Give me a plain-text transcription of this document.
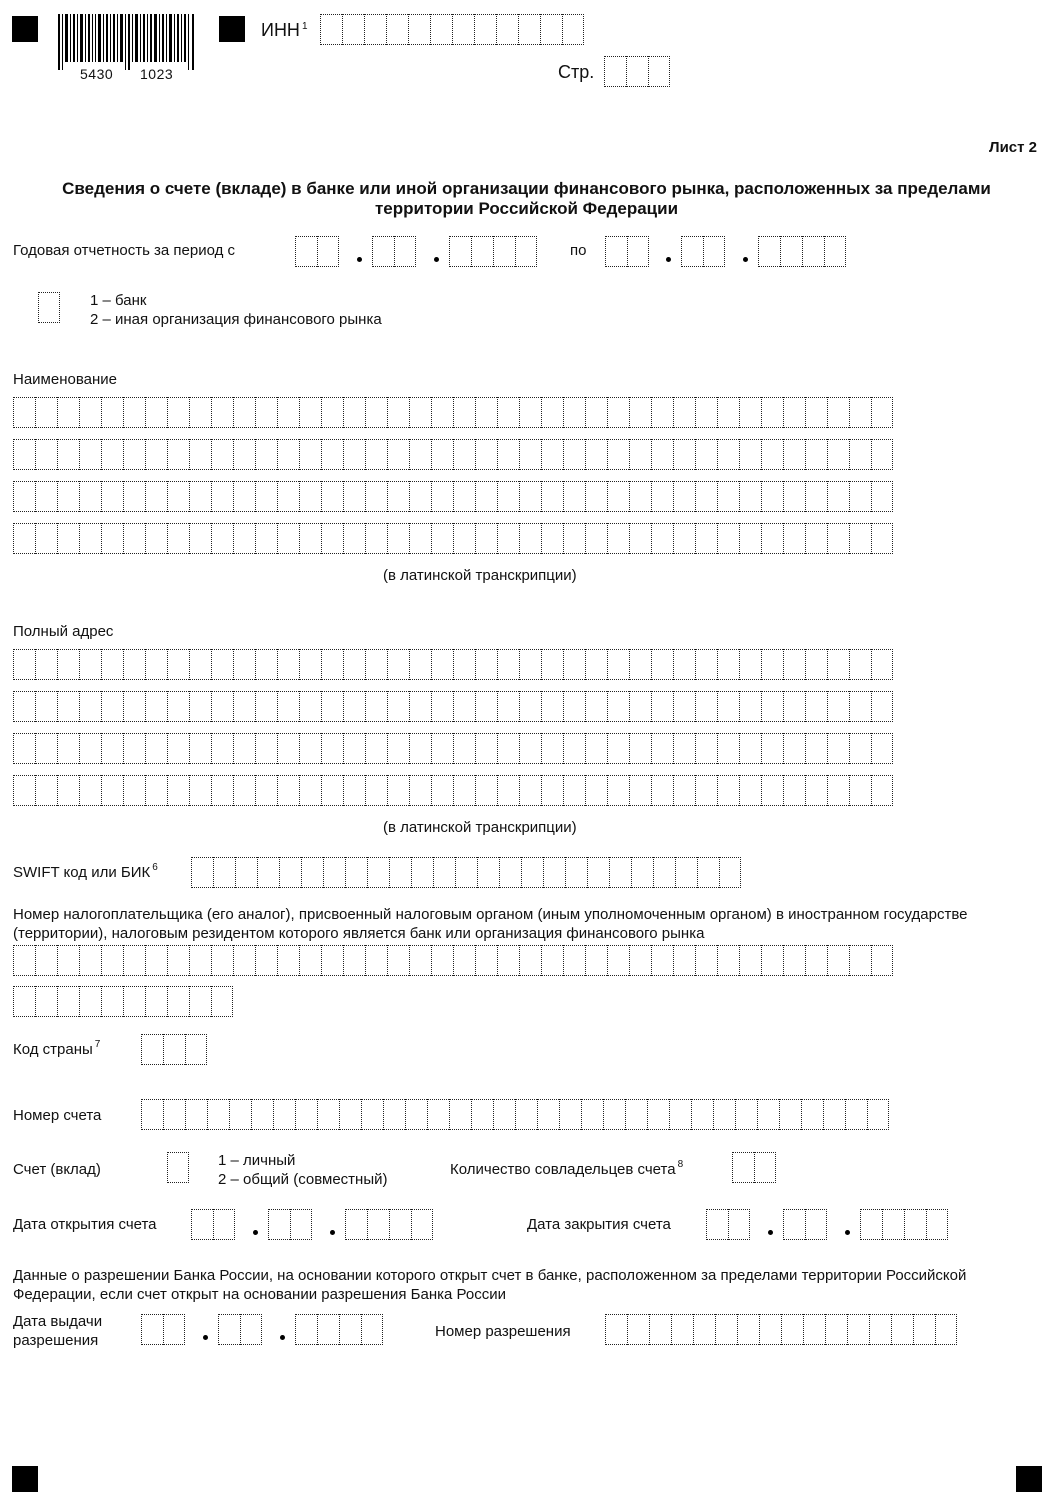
5430 1023
ИНН $^1$
Стр.
Лист 2
Сведения о счете (вкладе) в банке или иной организации финансового рынка, расположенных за пределами территории Российской Федерации
Годовая отчетность за период с	по
1 – банк
2 – иная организация финансового рынка
Наименование
(в латинской транскрипции)
Полный адрес
(в латинской транскрипции)
SWIFT код или БИК $^6$
Номер налогоплательщика (его аналог), присвоенный налоговым органом (иным уполномоченным органом) в иностранном государстве (территории), налоговым резидентом которого является банк или организация финансового рынка
Код страны $^7$
Номер счета
Счет (вклад)
1 – личный
2 – общий (совместный)
Количество совладельцев счета $^8$
Дата открытия счета	Дата закрытия счета
Данные о разрешении Банка России, на основании которого открыт счет в банке, расположенном за пределами территории Российской Федерации, если счет открыт на основании разрешения Банка России
Дата выдачи
разрешения
Номер разрешения
